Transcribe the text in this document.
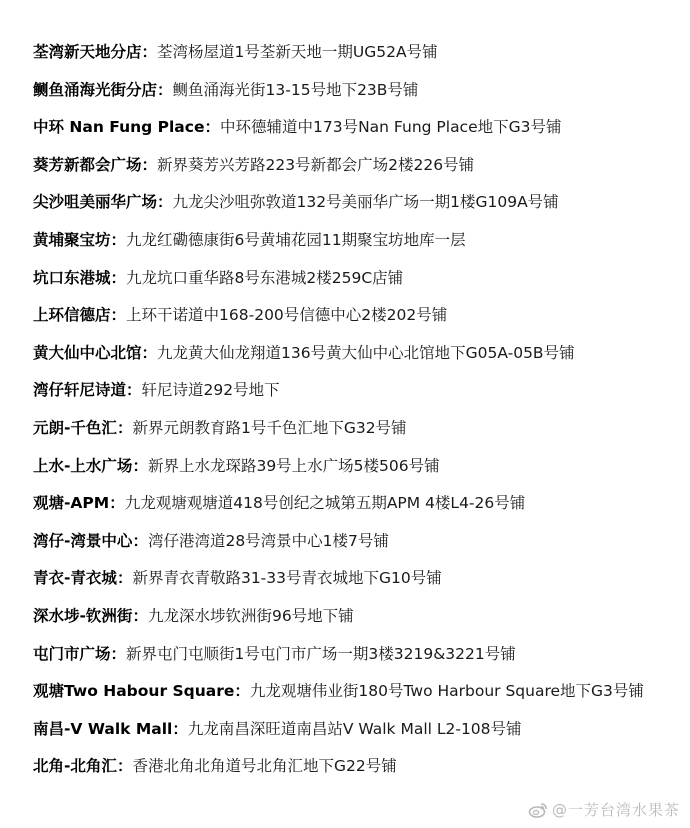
荃湾新天地分店：荃湾杨屋道1号荃新天地一期UG52A号铺
鲗鱼涌海光街分店：鲗鱼涌海光街13-15号地下23B号铺
中环 Nan Fung Place：中环德辅道中173号Nan Fung Place地下G3号铺
葵芳新都会广场：新界葵芳兴芳路223号新都会广场2楼226号铺
尖沙咀美丽华广场：九龙尖沙咀弥敦道132号美丽华广场一期1楼G109A号铺
黄埔聚宝坊：九龙红磡德康街6号黄埔花园11期聚宝坊地库一层
坑口东港城：九龙坑口重华路8号东港城2楼259C店铺
上环信德店：上环干诺道中168-200号信德中心2楼202号铺
黄大仙中心北馆：九龙黄大仙龙翔道136号黄大仙中心北馆地下G05A-05B号铺
湾仔轩尼诗道：轩尼诗道292号地下
元朗-千色汇：新界元朗教育路1号千色汇地下G32号铺
上水-上水广场：新界上水龙琛路39号上水广场5楼506号铺
观塘-APM：九龙观塘观塘道418号创纪之城第五期APM 4楼L4-26号铺
湾仔-湾景中心：湾仔港湾道28号湾景中心1楼7号铺
青衣-青衣城：新界青衣青敬路31-33号青衣城地下G10号铺
深水埗-钦洲街：九龙深水埗钦洲街96号地下铺
屯门市广场：新界屯门屯顺街1号屯门市广场一期3楼3219&3221号铺
观塘Two Habour Square：九龙观塘伟业街180号Two Harbour Square地下G3号铺
南昌-V Walk Mall：九龙南昌深旺道南昌站V Walk Mall L2-108号铺
北角-北角汇：香港北角北角道号北角汇地下G22号铺
@一芳台湾水果茶
